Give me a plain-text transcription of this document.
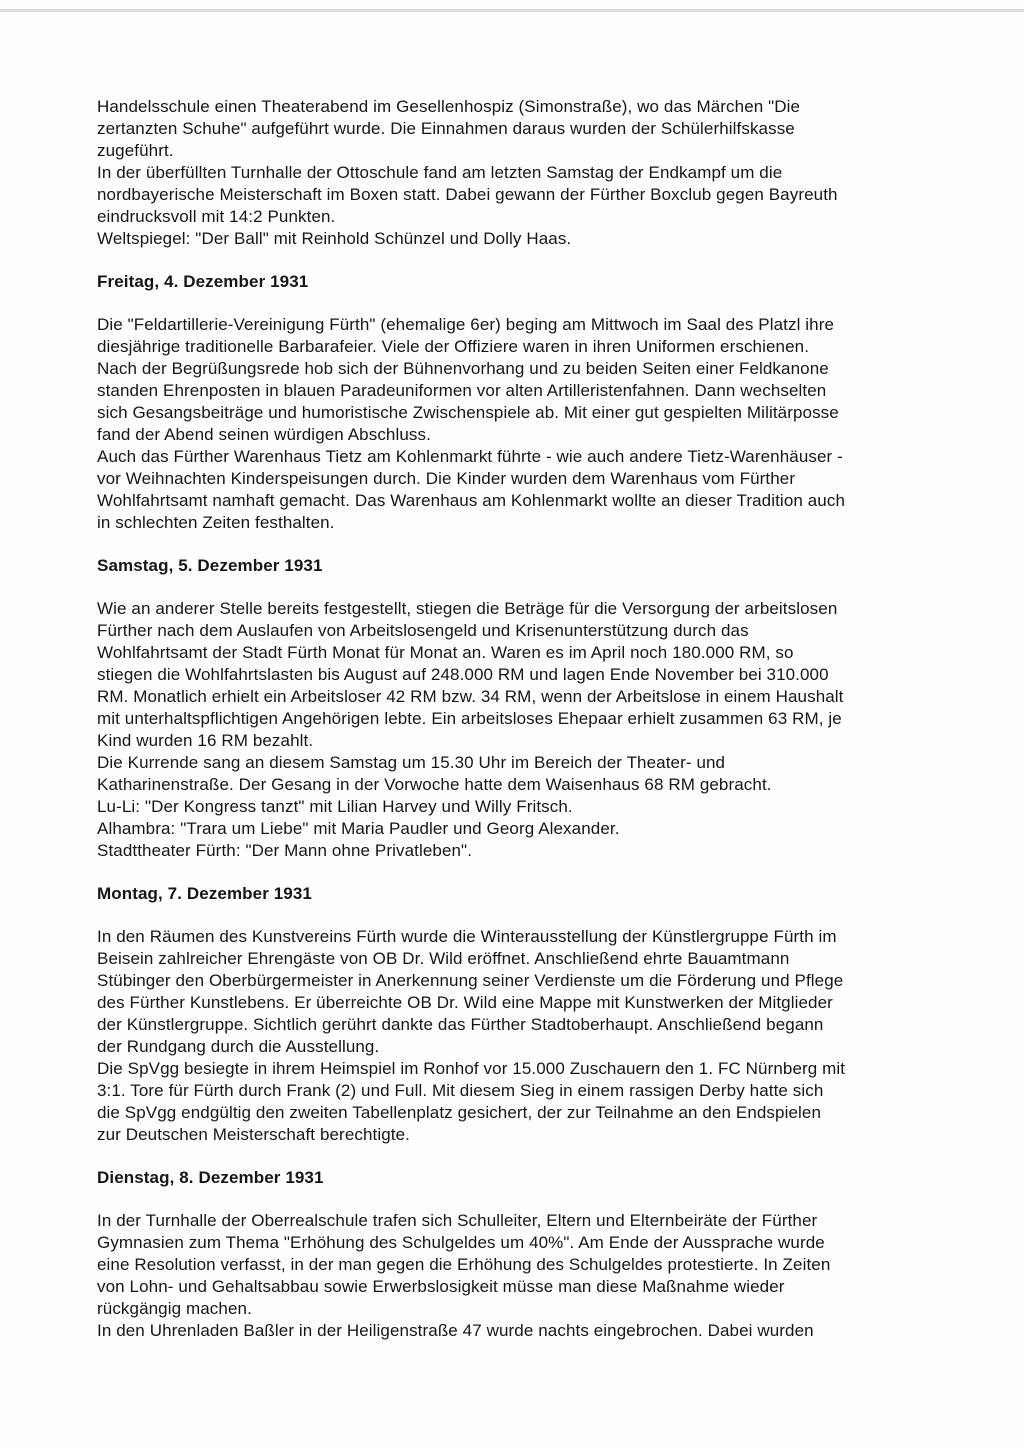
Handelsschule einen Theaterabend im Gesellenhospiz (Simonstraße), wo das Märchen "Die
zertanzten Schuhe" aufgeführt wurde. Die Einnahmen daraus wurden der Schülerhilfskasse
zugeführt.
In der überfüllten Turnhalle der Ottoschule fand am letzten Samstag der Endkampf um die
nordbayerische Meisterschaft im Boxen statt. Dabei gewann der Fürther Boxclub gegen Bayreuth
eindrucksvoll mit 14:2 Punkten.
Weltspiegel: "Der Ball" mit Reinhold Schünzel und Dolly Haas.
Freitag, 4. Dezember 1931
Die "Feldartillerie-Vereinigung Fürth" (ehemalige 6er) beging am Mittwoch im Saal des Platzl ihre
diesjährige traditionelle Barbarafeier. Viele der Offiziere waren in ihren Uniformen erschienen.
Nach der Begrüßungsrede hob sich der Bühnenvorhang und zu beiden Seiten einer Feldkanone
standen Ehrenposten in blauen Paradeuniformen vor alten Artilleristenfahnen. Dann wechselten
sich Gesangsbeiträge und humoristische Zwischenspiele ab. Mit einer gut gespielten Militärposse
fand der Abend seinen würdigen Abschluss.
Auch das Fürther Warenhaus Tietz am Kohlenmarkt führte - wie auch andere Tietz-Warenhäuser -
vor Weihnachten Kinderspeisungen durch. Die Kinder wurden dem Warenhaus vom Fürther
Wohlfahrtsamt namhaft gemacht. Das Warenhaus am Kohlenmarkt wollte an dieser Tradition auch
in schlechten Zeiten festhalten.
Samstag, 5. Dezember 1931
Wie an anderer Stelle bereits festgestellt, stiegen die Beträge für die Versorgung der arbeitslosen
Fürther nach dem Auslaufen von Arbeitslosengeld und Krisenunterstützung durch das
Wohlfahrtsamt der Stadt Fürth Monat für Monat an. Waren es im April noch 180.000 RM, so
stiegen die Wohlfahrtslasten bis August auf 248.000 RM und lagen Ende November bei 310.000
RM. Monatlich erhielt ein Arbeitsloser 42 RM bzw. 34 RM, wenn der Arbeitslose in einem Haushalt
mit unterhaltspflichtigen Angehörigen lebte. Ein arbeitsloses Ehepaar erhielt zusammen 63 RM, je
Kind wurden 16 RM bezahlt.
Die Kurrende sang an diesem Samstag um 15.30 Uhr im Bereich der Theater- und
Katharinenstraße. Der Gesang in der Vorwoche hatte dem Waisenhaus 68 RM gebracht.
Lu-Li: "Der Kongress tanzt" mit Lilian Harvey und Willy Fritsch.
Alhambra: "Trara um Liebe" mit Maria Paudler und Georg Alexander.
Stadttheater Fürth: "Der Mann ohne Privatleben".
Montag, 7. Dezember 1931
In den Räumen des Kunstvereins Fürth wurde die Winterausstellung der Künstlergruppe Fürth im
Beisein zahlreicher Ehrengäste von OB Dr. Wild eröffnet. Anschließend ehrte Bauamtmann
Stübinger den Oberbürgermeister in Anerkennung seiner Verdienste um die Förderung und Pflege
des Fürther Kunstlebens. Er überreichte OB Dr. Wild eine Mappe mit Kunstwerken der Mitglieder
der Künstlergruppe. Sichtlich gerührt dankte das Fürther Stadtoberhaupt. Anschließend begann
der Rundgang durch die Ausstellung.
Die SpVgg besiegte in ihrem Heimspiel im Ronhof vor 15.000 Zuschauern den 1. FC Nürnberg mit
3:1. Tore für Fürth durch Frank (2) und Full. Mit diesem Sieg in einem rassigen Derby hatte sich
die SpVgg endgültig den zweiten Tabellenplatz gesichert, der zur Teilnahme an den Endspielen
zur Deutschen Meisterschaft berechtigte.
Dienstag, 8. Dezember 1931
In der Turnhalle der Oberrealschule trafen sich Schulleiter, Eltern und Elternbeiräte der Fürther
Gymnasien zum Thema "Erhöhung des Schulgeldes um 40%". Am Ende der Aussprache wurde
eine Resolution verfasst, in der man gegen die Erhöhung des Schulgeldes protestierte. In Zeiten
von Lohn- und Gehaltsabbau sowie Erwerbslosigkeit müsse man diese Maßnahme wieder
rückgängig machen.
In den Uhrenladen Baßler in der Heiligenstraße 47 wurde nachts eingebrochen. Dabei wurden
